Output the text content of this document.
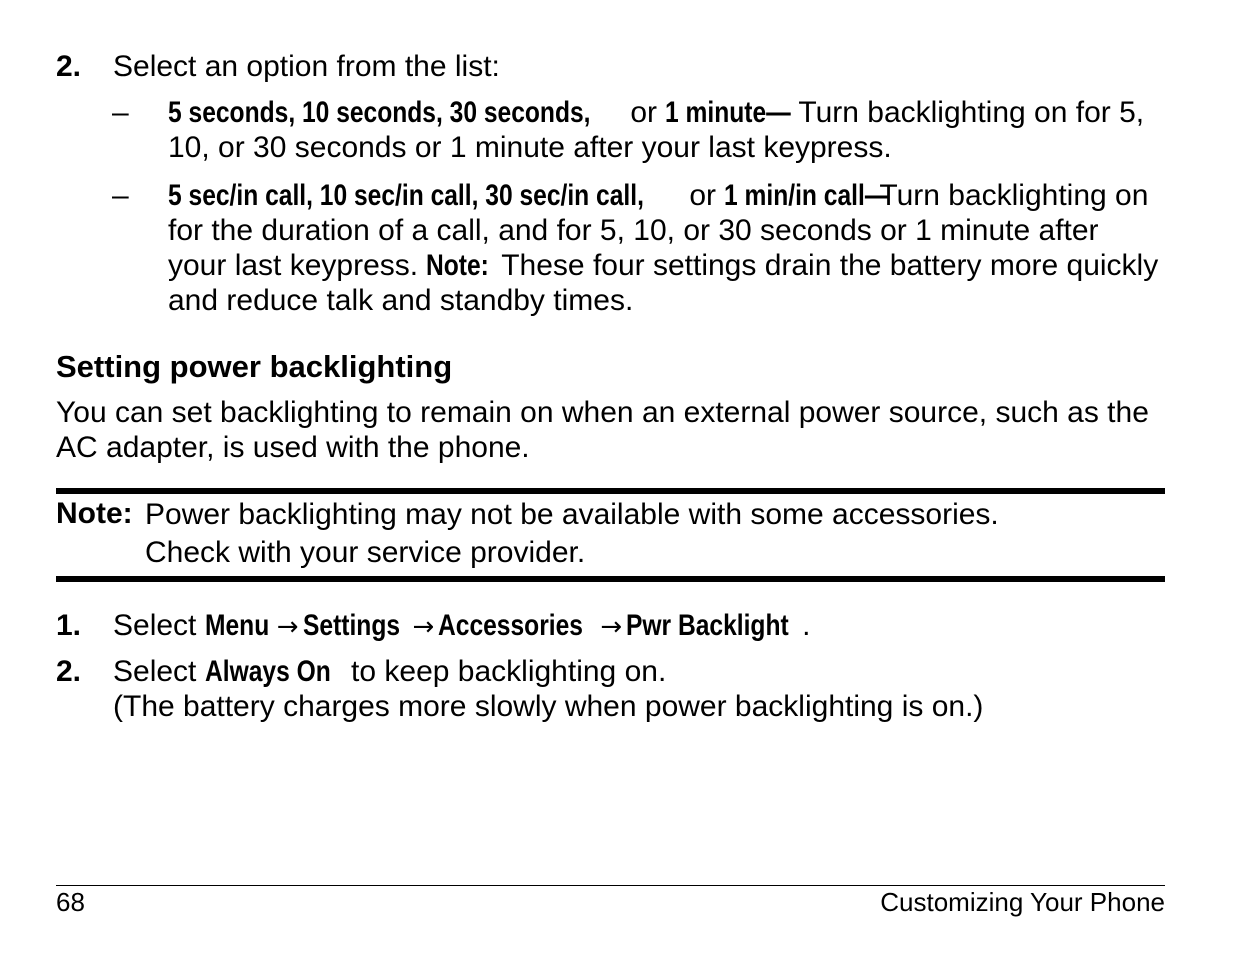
2. Select an option from the list:
– 5 seconds, 10 seconds, 30 seconds, or 1 minute— Turn backlighting on for 5, 10, or 30 seconds or 1 minute after your last keypress.
– 5 sec/in call, 10 sec/in call, 30 sec/in call, or 1 min/in call—Turn backlighting on for the duration of a call, and for 5, 10, or 30 seconds or 1 minute after your last keypress. Note: These four settings drain the battery more quickly and reduce talk and standby times.
Setting power backlighting
You can set backlighting to remain on when an external power source, such as the AC adapter, is used with the phone.
Note: Power backlighting may not be available with some accessories.
Check with your service provider.
1. Select Menu → Settings → Accessories → Pwr Backlight .
2. Select Always On to keep backlighting on.
(The battery charges more slowly when power backlighting is on.)
68	Customizing Your Phone
